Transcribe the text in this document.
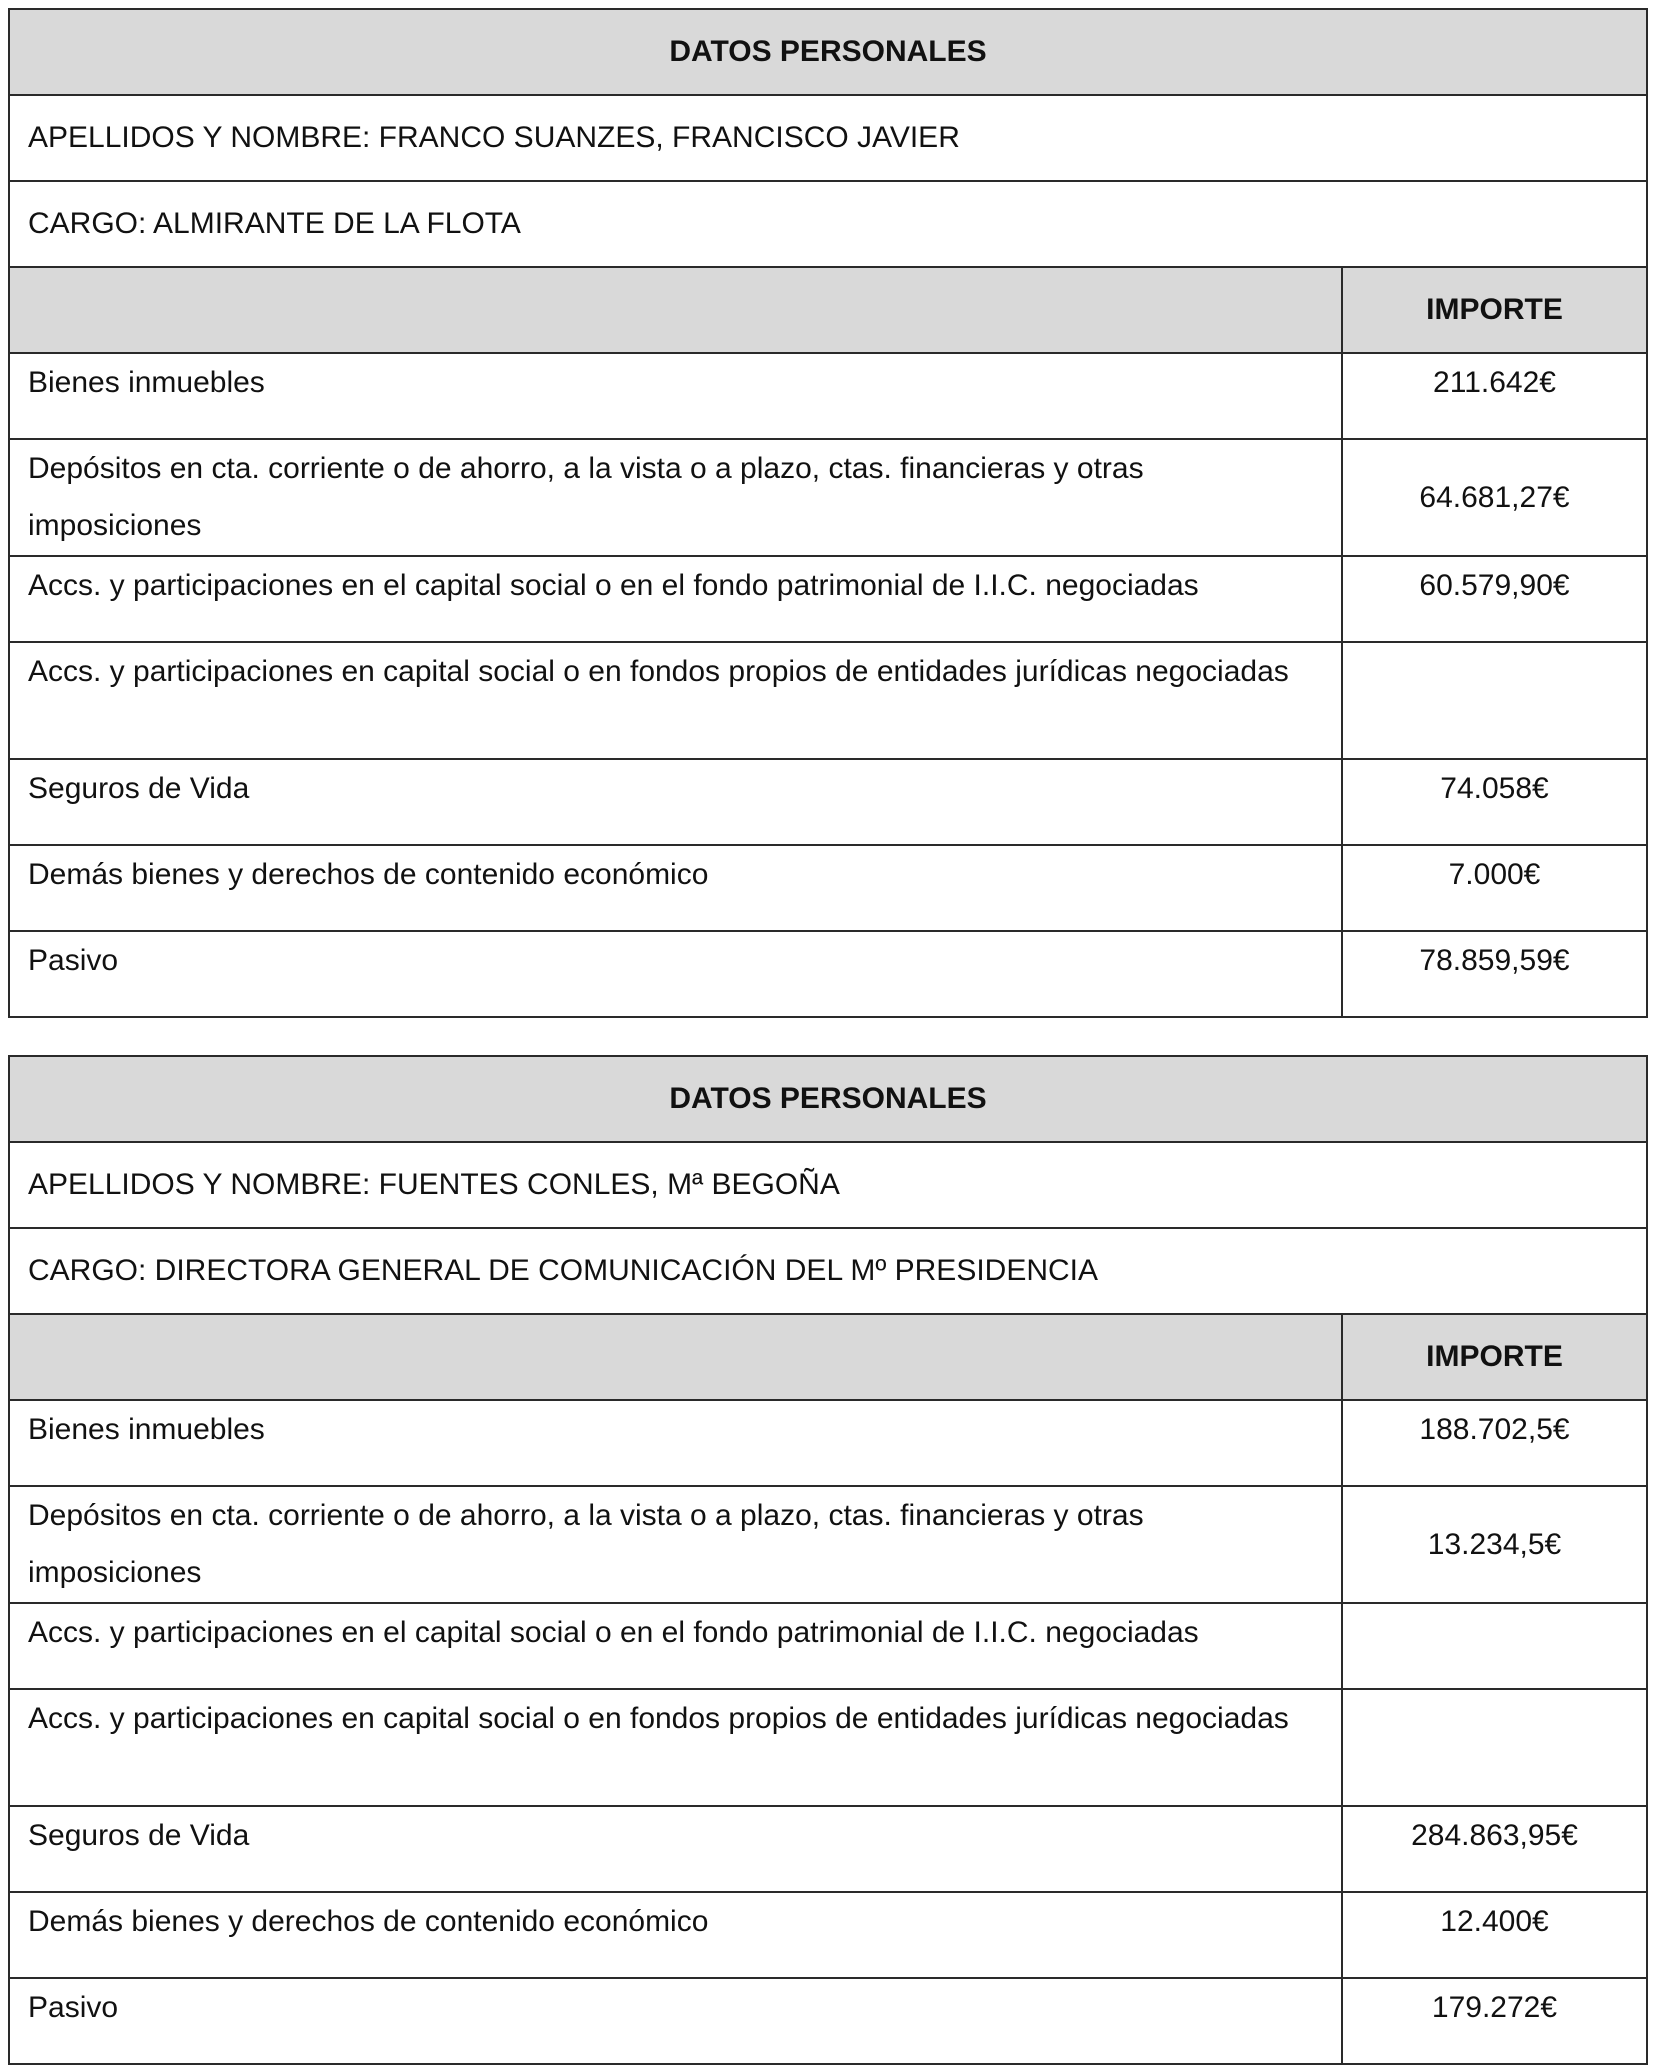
DATOS PERSONALES	
APELLIDOS Y NOMBRE: FRANCO SUANZES, FRANCISCO JAVIER	
CARGO: ALMIRANTE DE LA FLOTA	
	IMPORTE
Bienes inmuebles	211.642€
Depósitos en cta. corriente o de ahorro, a la vista o a plazo, ctas. financieras y otras imposiciones	64.681,27€
Accs. y participaciones en el capital social o en el fondo patrimonial de I.I.C. negociadas	60.579,90€
Accs. y participaciones en capital social o en fondos propios de entidades jurídicas negociadas	
Seguros de Vida	74.058€
Demás bienes y derechos de contenido económico	7.000€
Pasivo	78.859,59€
DATOS PERSONALES	
APELLIDOS Y NOMBRE: FUENTES CONLES, Mª BEGOÑA	
CARGO: DIRECTORA GENERAL DE COMUNICACIÓN DEL Mº PRESIDENCIA	
	IMPORTE
Bienes inmuebles	188.702,5€
Depósitos en cta. corriente o de ahorro, a la vista o a plazo, ctas. financieras y otras imposiciones	13.234,5€
Accs. y participaciones en el capital social o en el fondo patrimonial de I.I.C. negociadas	
Accs. y participaciones en capital social o en fondos propios de entidades jurídicas negociadas	
Seguros de Vida	284.863,95€
Demás bienes y derechos de contenido económico	12.400€
Pasivo	179.272€
